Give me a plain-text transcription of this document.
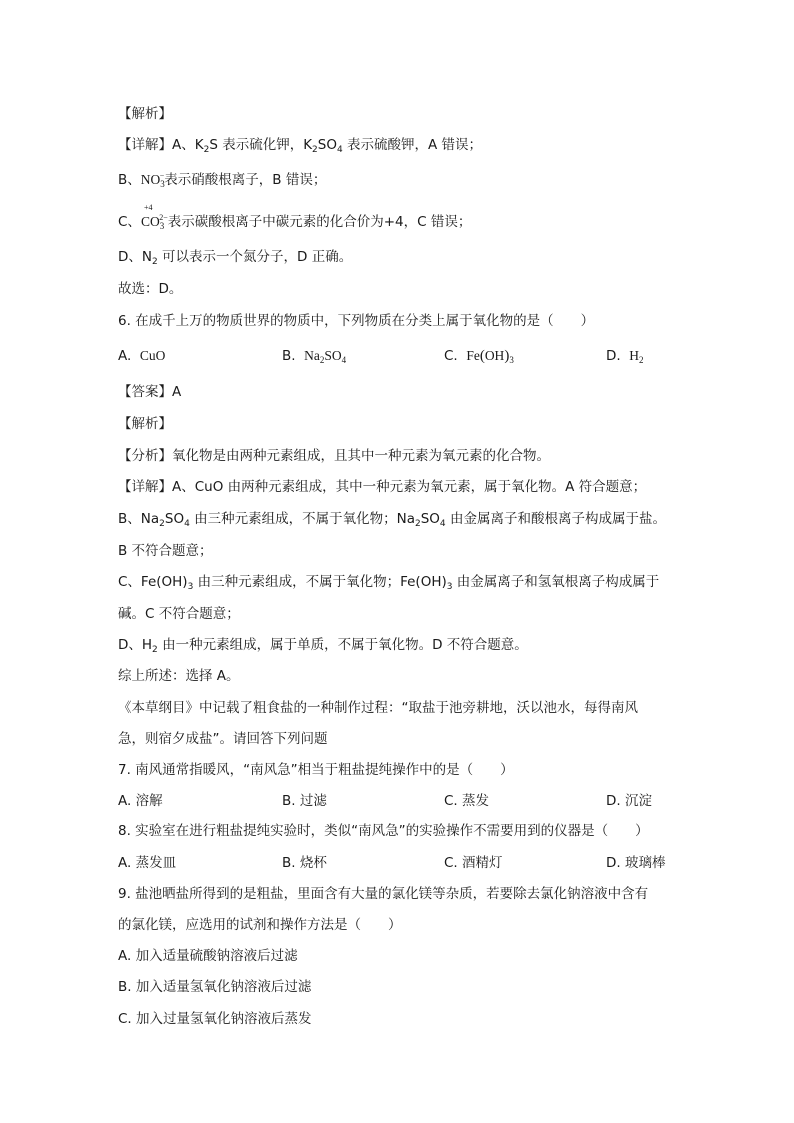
【解析】
【详解】A、$K_2S$ 表示硫化钾，$K_2SO_4$ 表示硫酸钾，A 错误；
B、$NO_3^-$表示硝酸根离子，B 错误；
C、
+4
$CO_3^{2-}$表示碳酸根离子中碳元素的化合价为+4，C 错误；
D、$N_2$ 可以表示一个氮分子，D 正确。
故选：D。
6. 在成千上万的物质世界的物质中，下列物质在分类上属于氧化物的是（　　）
A. CuO	B. $Na_2SO_4$	C. $Fe(OH)_3$	D. $H_2$
【答案】A
【解析】
【分析】氧化物是由两种元素组成，且其中一种元素为氧元素的化合物。
【详解】A、CuO 由两种元素组成，其中一种元素为氧元素，属于氧化物。A 符合题意；
B、$Na_2SO_4$ 由三种元素组成，不属于氧化物；$Na_2SO_4$ 由金属离子和酸根离子构成属于盐。
B 不符合题意；
C、$Fe(OH)_3$ 由三种元素组成，不属于氧化物；$Fe(OH)_3$ 由金属离子和氢氧根离子构成属于
碱。C 不符合题意；
D、$H_2$ 由一种元素组成，属于单质，不属于氧化物。D 不符合题意。
综上所述：选择 A。
《本草纲目》中记载了粗食盐的一种制作过程：“取盐于池旁耕地，沃以池水，每得南风
急，则宿夕成盐”。请回答下列问题
7. 南风通常指暖风，“南风急”相当于粗盐提纯操作中的是（　　）
A. 溶解	B. 过滤	C. 蒸发	D. 沉淀
8. 实验室在进行粗盐提纯实验时，类似“南风急”的实验操作不需要用到的仪器是（　　）
A. 蒸发皿	B. 烧杯	C. 酒精灯	D. 玻璃棒
9. 盐池晒盐所得到的是粗盐，里面含有大量的氯化镁等杂质，若要除去氯化钠溶液中含有
的氯化镁，应选用的试剂和操作方法是（　　）
A. 加入适量硫酸钠溶液后过滤
B. 加入适量氢氧化钠溶液后过滤
C. 加入过量氢氧化钠溶液后蒸发
